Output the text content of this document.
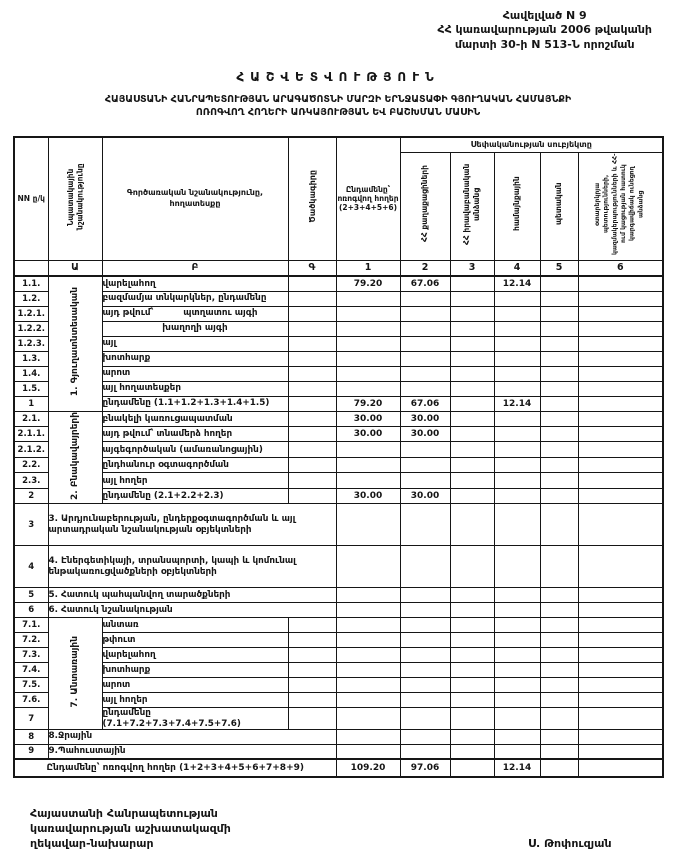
Հավելված N 9
ՀՀ կառավարության 2006 թվականի
մարտի 30-ի N 513-Ն որոշման
ՀԱՇՎԵՏՎՈՒԹՅՈՒՆ
ՀԱՅԱՍՏԱՆԻ ՀԱՆՐԱՊԵՏՈՒԹՅԱՆ ԱՐԱԳԱԾՈՏՆԻ ՄԱՐԶԻ ԵՐՆՋԱՏԱՓԻ ԳՅՈՒՂԱԿԱՆ ՀԱՄԱՅՆՔԻ
ՈՌՈԳՎՈՂ ՀՈՂԵՐԻ ԱՌԿԱՅՈՒԹՅԱՆ ԵՎ ԲԱՇԽՄԱՆ ՄԱՍԻՆ
NN ը/կ	Նպատակային նշանակությունը	Գործառական նշանակությունը, հողատեսքը	Ծածկագիրը	Ընդամենը՝ ոռոգվող հողեր (2+3+4+5+6)	Սեփականության սուբյեկտը				
					ՀՀ քաղաքացիների	ՀՀ իրավաբանական անձանց	համայնքային	պետական	օտարերկրյա պետությունների, կազմակերպությունների և ՀՀ-ում կացության հատուկ կարգավիճակ ունեցող անձանց
	Ա	Բ	Գ	1	2	3	4	5	6
1.1.	1. Գյուղատնտեսական	վարելահող		79.20	67.06		12.14		
1.2.		բազմամյա տնկարկներ, ընդամենը							
1.2.1.		այդ թվում՝ պտղատու այգի							

1.2.2.		խաղողի այգի							

1.2.3.		այլ							
1.3.		խոտհարք							
1.4.		արոտ							
1.5.		այլ հողատեսքեր							
1		ընդամենը (1.1+1.2+1.3+1.4+1.5)		79.20	67.06		12.14		
2.1.	2. Բնակավայրերի	բնակելի կառուցապատման		30.00	30.00				
2.1.1.		այդ թվում՝ տնամերձ հողեր		30.00	30.00				
2.1.2.		այգեգործական (ամառանոցային)							
2.2.		ընդհանուր օգտագործման							
2.3.		այլ հողեր							
2		ընդամենը (2.1+2.2+2.3)		30.00	30.00				
3	3. Արդյունաբերության, ընդերքօգտագործման և այլ արտադրական նշանակության օբյեկտների								
4	4. Էներգետիկայի, տրանսպորտի, կապի և կոմունալ ենթակառուցվածքների օբյեկտների								
5	5. Հատուկ պահպանվող տարածքների								
6	6. Հատուկ նշանակության								
7.1.	7. Անտառային	անտառ							
7.2.		թփուտ							
7.3.		վարելահող							
7.4.		խոտհարք							
7.5.		արոտ							
7.6.		այլ հողեր							
7		ընդամենը (7.1+7.2+7.3+7.4+7.5+7.6)							
8	8.Ջրային								
9	9.Պահուստային								
Ընդամենը՝ ոռոգվող հողեր (1+2+3+4+5+6+7+8+9)				109.20	97.06		12.14		
Հայաստանի Հանրապետության
կառավարության աշխատակազմի
ղեկավար-նախարար	Ս. Թոփուզյան
